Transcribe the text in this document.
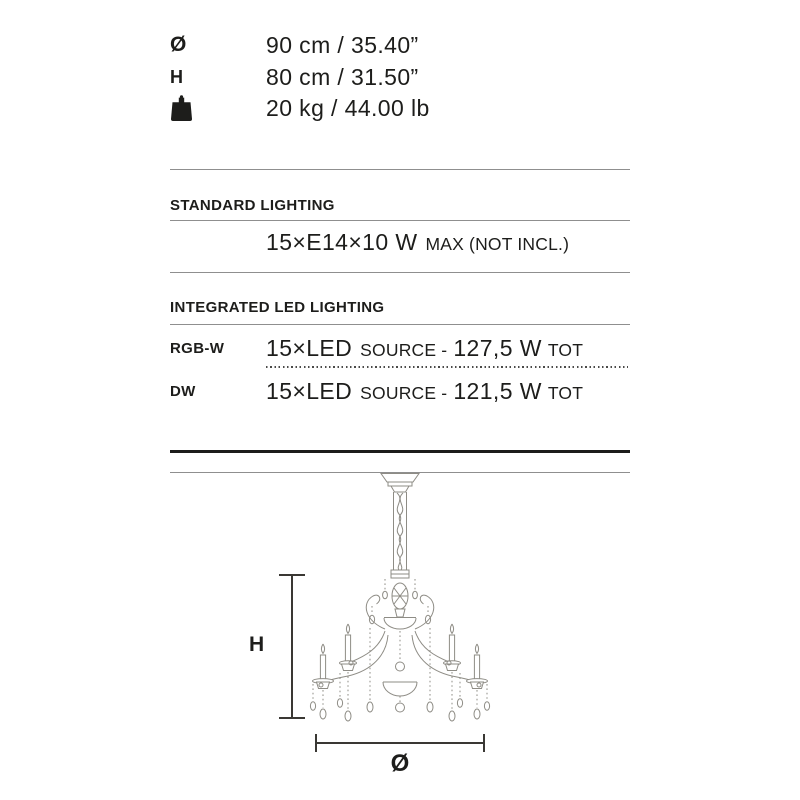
Ø	90 cm / 35.40”
H	80 cm / 31.50”
20 kg / 44.00 lb
STANDARD LIGHTING
15×E14×10 W MAX (NOT INCL.)
INTEGRATED LED LIGHTING
RGB-W 15×LED SOURCE - 127,5 W TOT
DW	15×LED SOURCE - 121,5 W TOT
H
Ø
